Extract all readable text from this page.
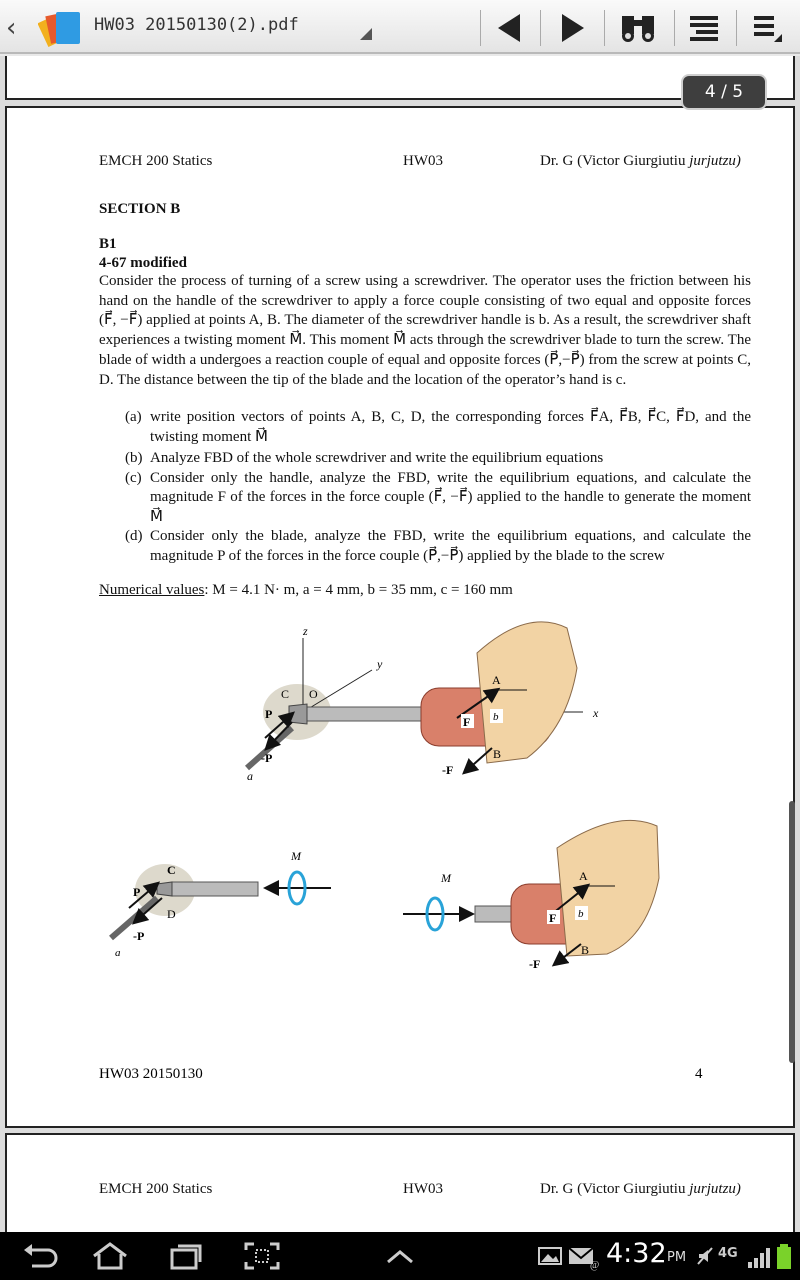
‹	HW03 20150130(2).pdf
EMCH 200 Statics	HW03	Dr. G (Victor Giurgiutiu jurjutzu)
SECTION B
B1
4-67 modified
Consider the process of turning of a screw using a screwdriver. The operator uses the friction between his hand on the handle of the screwdriver to apply a force couple consisting of two equal and opposite forces (F⃗, −F⃗) applied at points A, B. The diameter of the screwdriver handle is b. As a result, the screwdriver shaft experiences a twisting moment M⃗. This moment M⃗ acts through the screwdriver blade to turn the screw. The blade of width a undergoes a reaction couple of equal and opposite forces (P⃗,−P⃗) from the screw at points C, D. The distance between the tip of the blade and the location of the operator’s hand is c.
(a) write position vectors of points A, B, C, D, the corresponding forces F⃗A, F⃗B, F⃗C, F⃗D, and the twisting moment M⃗
(b) Analyze FBD of the whole screwdriver and write the equilibrium equations
(c) Consider only the handle, analyze the FBD, write the equilibrium equations, and calculate the magnitude F of the forces in the force couple (F⃗, −F⃗) applied to the handle to generate the moment M⃗
(d) Consider only the blade, analyze the FBD, write the equilibrium equations, and calculate the magnitude P of the forces in the force couple (P⃗,−P⃗) applied by the blade to the screw
Numerical values: M = 4.1 N· m, a = 4 mm, b = 35 mm, c = 160 mm
z
y
x
C O
P
-P
a
A
F b
B
-F
C
P
D
-P
a
M
M	A
F b
B
-F
HW03 20150130	4
EMCH 200 Statics	HW03	Dr. G (Victor Giurgiutiu jurjutzu)
4 / 5
@ 4:32 PM 4G
